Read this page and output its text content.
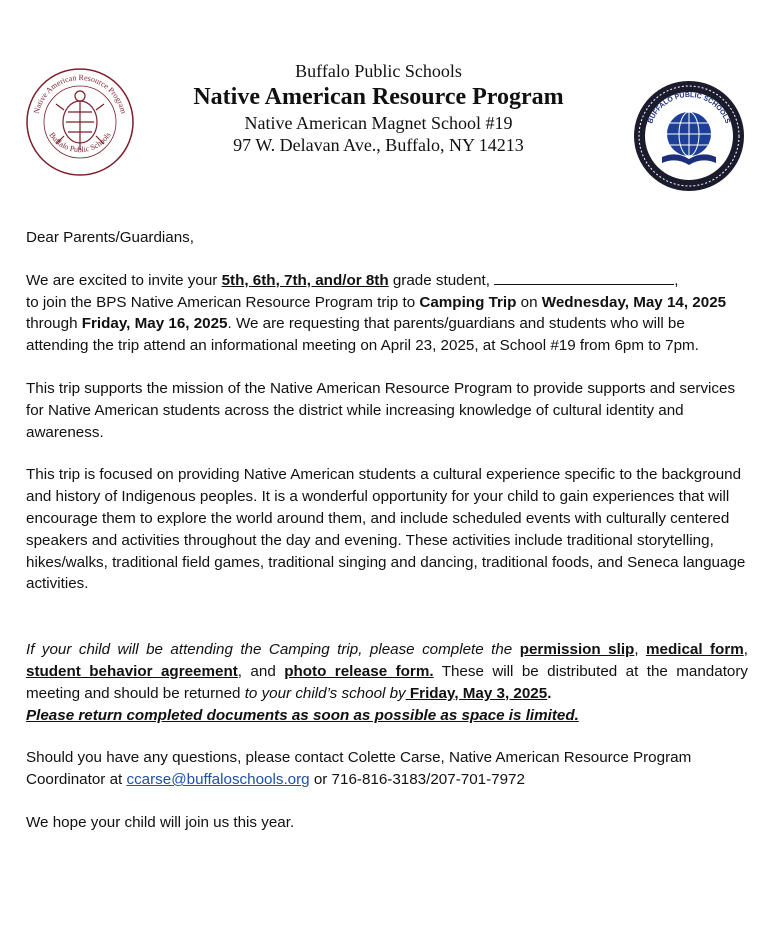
Native American Resource Program
Buffalo Public Schools
BUFFALO PUBLIC SCHOOLS

Buffalo Public Schools

Native American Resource Program

Native American Magnet School #19

97 W. Delavan Ave., Buffalo, NY 14213

Dear Parents/Guardians,

We are excited to invite your 5th, 6th, 7th, and/or 8th grade student,	,
to join the BPS Native American Resource Program trip to Camping Trip on Wednesday, May 14, 2025 through Friday, May 16, 2025. We are requesting that parents/guardians and students who will be attending the trip attend an informational meeting on April 23, 2025, at School #19 from 6pm to 7pm.

This trip supports the mission of the Native American Resource Program to provide supports and services for Native American students across the district while increasing knowledge of cultural identity and awareness.

This trip is focused on providing Native American students a cultural experience specific to the background and history of Indigenous peoples. It is a wonderful opportunity for your child to gain experiences that will encourage them to explore the world around them, and include scheduled events with culturally centered speakers and activities throughout the day and evening. These activities include traditional storytelling, hikes/walks, traditional field games, traditional singing and dancing, traditional foods, and Seneca language activities.

If your child will be attending the Camping trip, please complete the permission slip, medical form, student behavior agreement, and photo release form. These will be distributed at the mandatory meeting and should be returned to your child’s school by Friday, May 3, 2025.
Please return completed documents as soon as possible as space is limited.

Should you have any questions, please contact Colette Carse, Native American Resource Program Coordinator at ccarse@buffaloschools.org or 716-816-3183/207-701-7972

We hope your child will join us this year.
